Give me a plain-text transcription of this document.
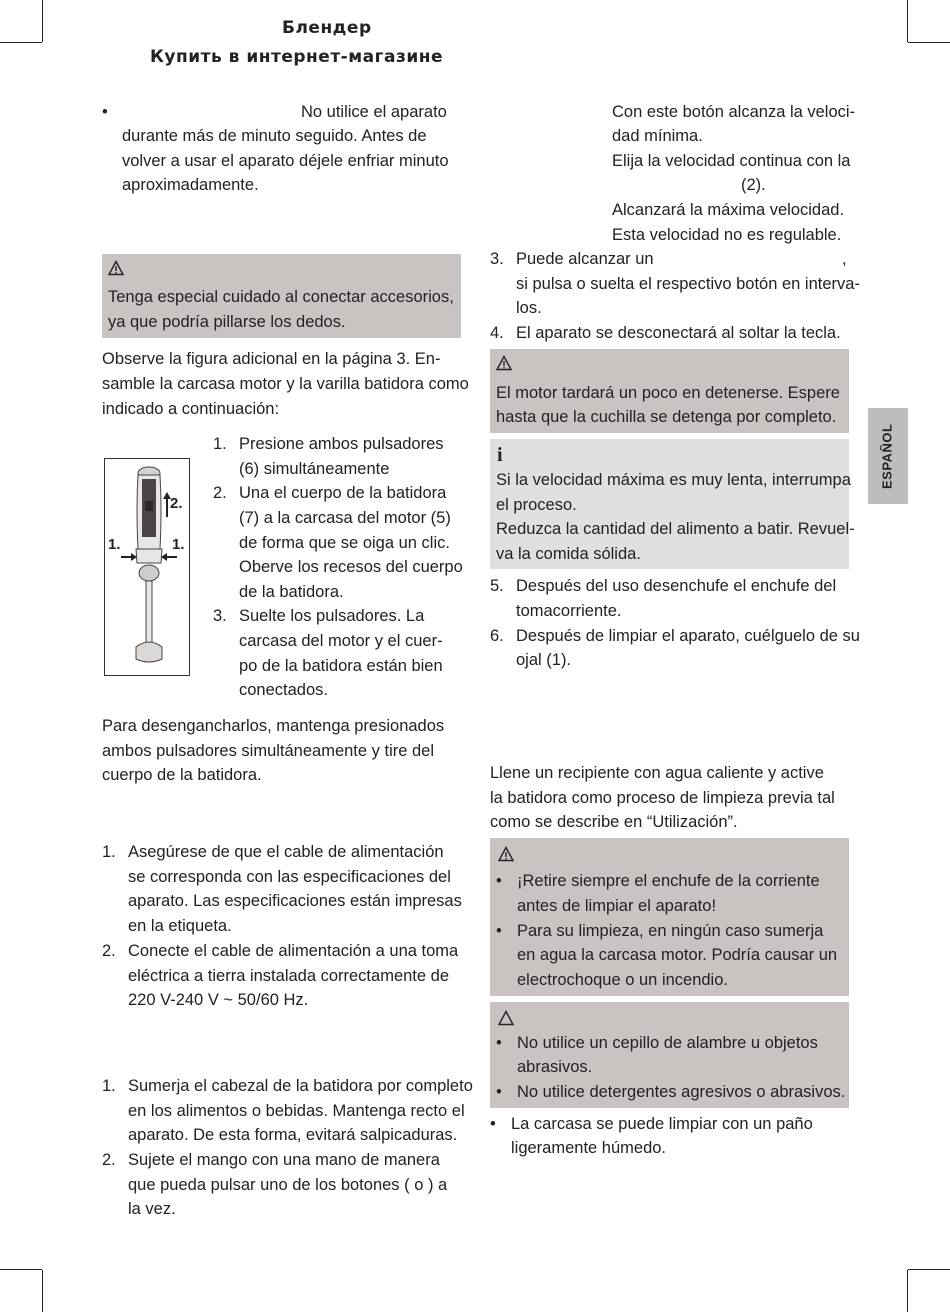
Блендер
Купить в интернет-магазине
ESPAÑOL
•	No utilice el aparato
durante más de minuto seguido. Antes de
volver a usar el aparato déjele enfriar minuto
aproximadamente.
Tenga especial cuidado al conectar accesorios,
ya que podría pillarse los dedos.
Observe la figura adicional en la página 3. En-
samble la carcasa motor y la varilla batidora como
indicado a continuación:
2.
1.	1.
1. Presione ambos pulsadores
(6) simultáneamente
2. Una el cuerpo de la batidora
(7) a la carcasa del motor (5)
de forma que se oiga un clic.
Oberve los recesos del cuerpo
de la batidora.
3. Suelte los pulsadores. La
carcasa del motor y el cuer-
po de la batidora están bien
conectados.
Para desengancharlos, mantenga presionados
ambos pulsadores simultáneamente y tire del
cuerpo de la batidora.
1. Asegúrese de que el cable de alimentación
se corresponda con las especificaciones del
aparato. Las especificaciones están impresas
en la etiqueta.
2. Conecte el cable de alimentación a una toma
eléctrica a tierra instalada correctamente de
220 V-240 V ~ 50/60 Hz.
1. Sumerja el cabezal de la batidora por completo
en los alimentos o bebidas. Mantenga recto el
aparato. De esta forma, evitará salpicaduras.
2. Sujete el mango con una mano de manera
que pueda pulsar uno de los botones ( o ) a
la vez.
Con este botón alcanza la veloci-
dad mínima.
Elija la velocidad continua con la
(2).
Alcanzará la máxima velocidad.
Esta velocidad no es regulable.
3. Puede alcanzar un	,
si pulsa o suelta el respectivo botón en interva-
los.
4. El aparato se desconectará al soltar la tecla.
El motor tardará un poco en detenerse. Espere
hasta que la cuchilla se detenga por completo.
i
Si la velocidad máxima es muy lenta, interrumpa
el proceso.
Reduzca la cantidad del alimento a batir. Revuel-
va la comida sólida.
5. Después del uso desenchufe el enchufe del
tomacorriente.
6. Después de limpiar el aparato, cuélguelo de su
ojal (1).
Llene un recipiente con agua caliente y active
la batidora como proceso de limpieza previa tal
como se describe en “Utilización”.
• ¡Retire siempre el enchufe de la corriente
antes de limpiar el aparato!
• Para su limpieza, en ningún caso sumerja
en agua la carcasa motor. Podría causar un
electrochoque o un incendio.
• No utilice un cepillo de alambre u objetos
abrasivos.
• No utilice detergentes agresivos o abrasivos.
• La carcasa se puede limpiar con un paño
ligeramente húmedo.
